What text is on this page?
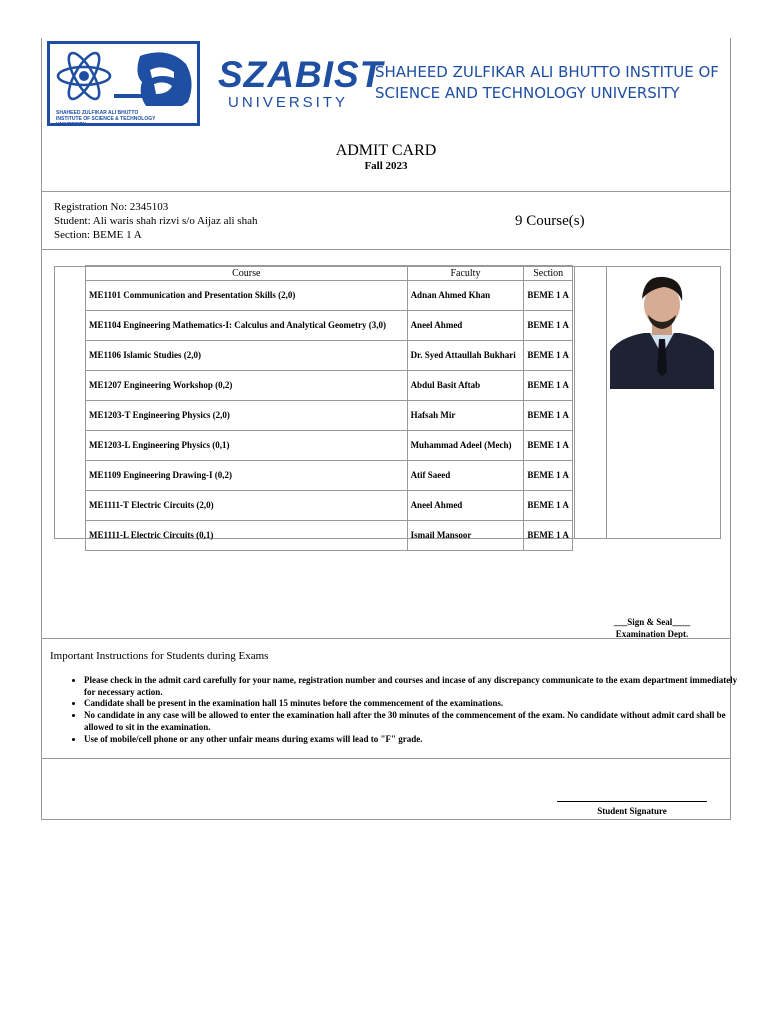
SHAHEED ZULFIKAR ALI BHUTTO INSTITUTE OF SCIENCE & TECHNOLOGY UNIVERSITY
SZABIST
UNIVERSITY
SHAHEED ZULFIKAR ALI BHUTTO INSTITUE OF
SCIENCE AND TECHNOLOGY UNIVERSITY
ADMIT CARD
Fall 2023
Registration No: 2345103
Student: Ali waris shah rizvi s/o Aijaz ali shah
Section: BEME 1 A
9 Course(s)
Course	Faculty	Section
ME1101 Communication and Presentation Skills (2,0)	Adnan Ahmed Khan	BEME 1 A
ME1104 Engineering Mathematics-I: Calculus and Analytical Geometry (3,0)	Aneel Ahmed	BEME 1 A
ME1106 Islamic Studies (2,0)	Dr. Syed Attaullah Bukhari	BEME 1 A
ME1207 Engineering Workshop (0,2)	Abdul Basit Aftab	BEME 1 A
ME1203-T Engineering Physics (2,0)	Hafsah Mir	BEME 1 A
ME1203-L Engineering Physics (0,1)	Muhammad Adeel (Mech)	BEME 1 A
ME1109 Engineering Drawing-I (0,2)	Atif Saeed	BEME 1 A
ME1111-T Electric Circuits (2,0)	Aneel Ahmed	BEME 1 A
ME1111-L Electric Circuits (0,1)	Ismail Mansoor	BEME 1 A
___Sign & Seal____
Examination Dept.
Important Instructions for Students during Exams
• Please check in the admit card carefully for your name, registration number and courses and incase of any discrepancy communicate to the exam department immediately for necessary action.
• Candidate shall be present in the examination hall 15 minutes before the commencement of the examinations.
• No candidate in any case will be allowed to enter the examination hall after the 30 minutes of the commencement of the exam. No candidate without admit card shall be allowed to sit in the examination.
• Use of mobile/cell phone or any other unfair means during exams will lead to "F" grade.
Student Signature
